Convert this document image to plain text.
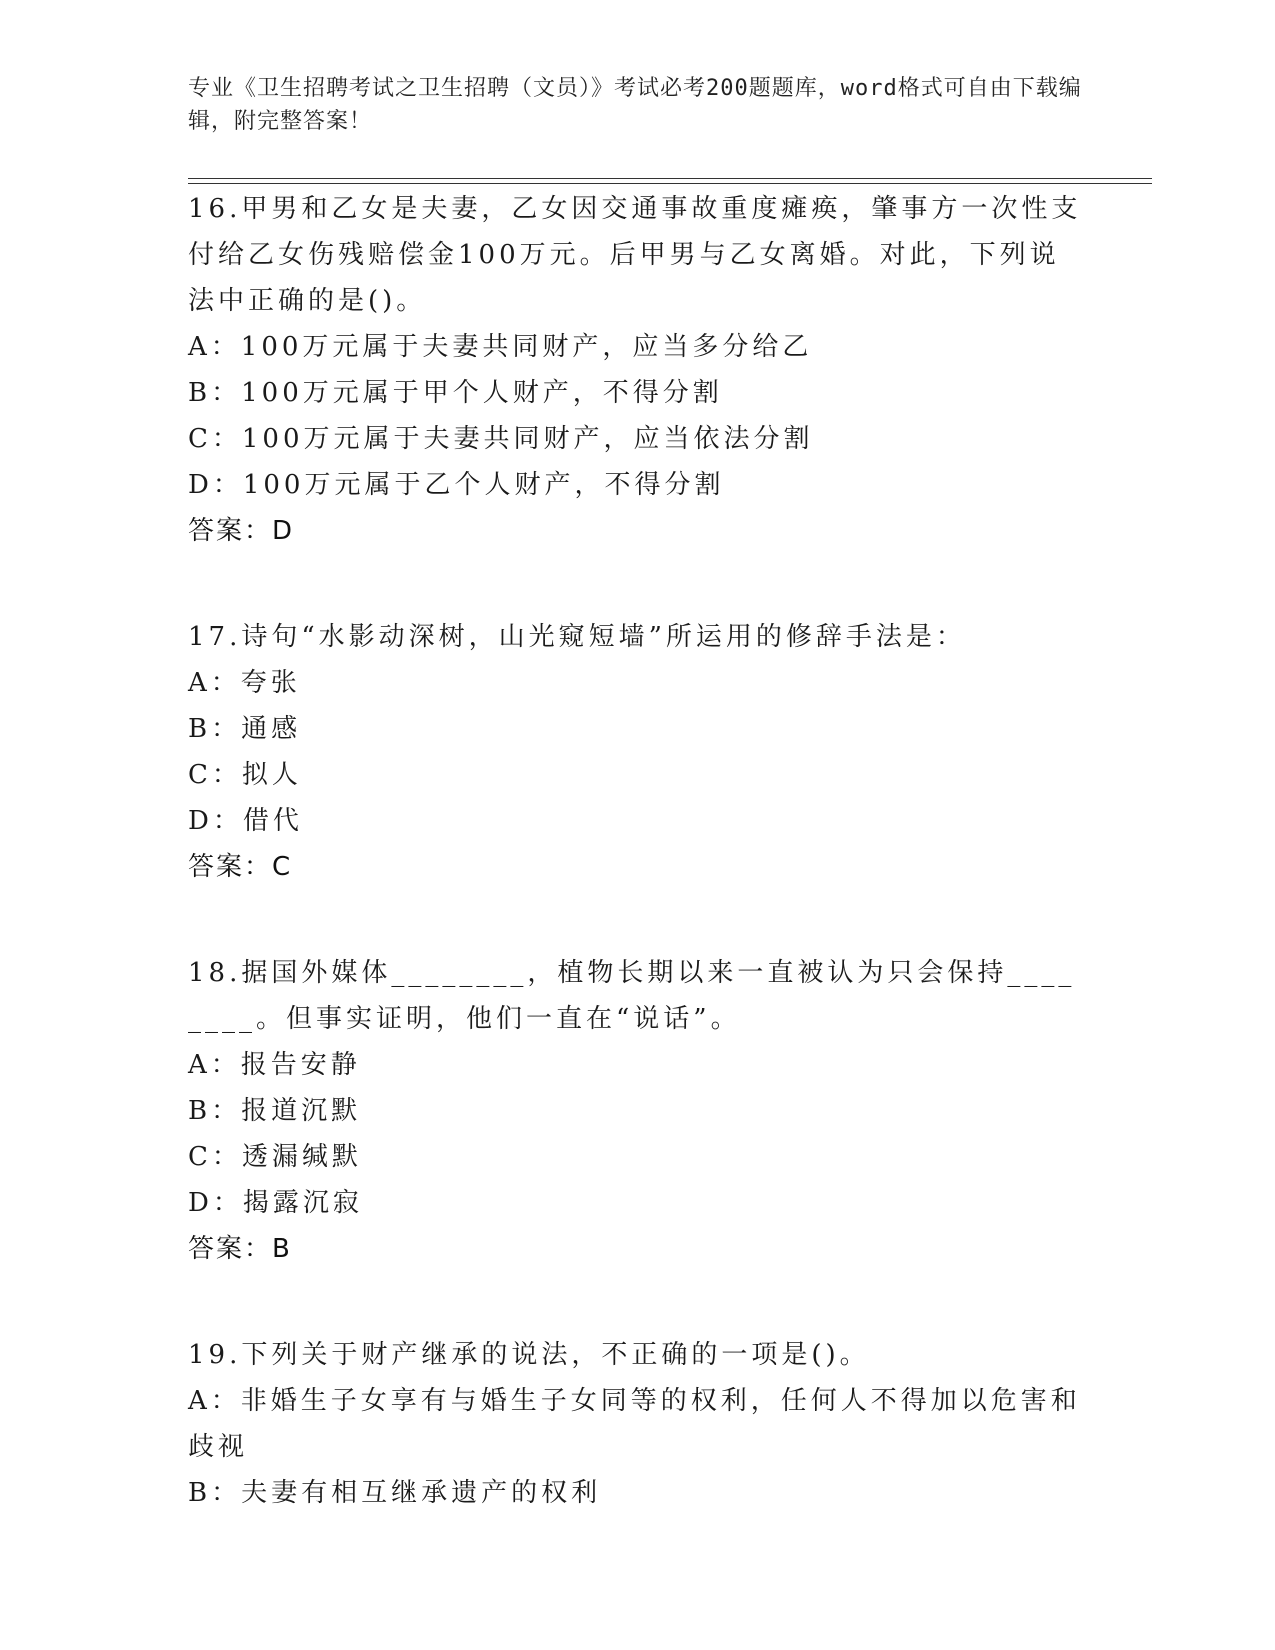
专业《卫生招聘考试之卫生招聘（文员）》考试必考200题题库，word格式可自由下载编辑，附完整答案！

16.甲男和乙女是夫妻，乙女因交通事故重度瘫痪，肇事方一次性支付给乙女伤残赔偿金100万元。后甲男与乙女离婚。对此，下列说法中正确的是()。

A：100万元属于夫妻共同财产，应当多分给乙

B：100万元属于甲个人财产，不得分割

C：100万元属于夫妻共同财产，应当依法分割

D：100万元属于乙个人财产，不得分割

答案：D

17.诗句“水影动深树，山光窥短墙”所运用的修辞手法是：

A：夸张

B：通感

C：拟人

D：借代

答案：C

18.据国外媒体________，植物长期以来一直被认为只会保持________。但事实证明，他们一直在“说话”。

A：报告安静

B：报道沉默

C：透漏缄默

D：揭露沉寂

答案：B

19.下列关于财产继承的说法，不正确的一项是()。

A：非婚生子女享有与婚生子女同等的权利，任何人不得加以危害和歧视

B：夫妻有相互继承遗产的权利
